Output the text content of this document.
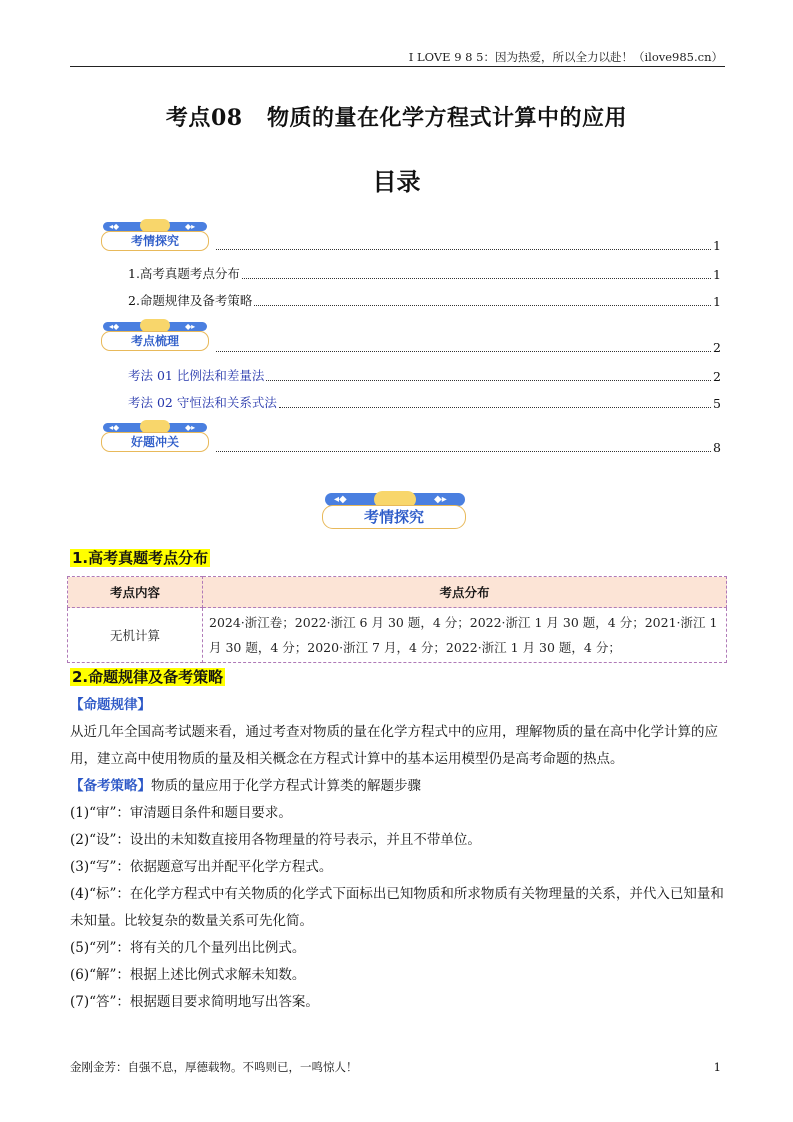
I LOVE 9 8 5：因为热爱，所以全力以赴！（ilove985.cn）
考点08 物质的量在化学方程式计算中的应用
目录
◂◆	◆▸
考情探究	1
1.高考真题考点分布	1
2.命题规律及备考策略	1
◂◆	◆▸
考点梳理	2
考法 01 比例法和差量法	2
考法 02 守恒法和关系式法	5
◂◆	◆▸
好题冲关	8
◂◆	◆▸
考情探究
1.高考真题考点分布
考点内容	考点分布
无机计算	2024·浙江卷；2022·浙江 6 月 30 题，4 分；2022·浙江 1 月 30 题，4 分；2021·浙江 1 月 30 题，4 分；2020·浙江 7 月，4 分；2022·浙江 1 月 30 题，4 分；
2.命题规律及备考策略
【命题规律】
从近几年全国高考试题来看，通过考查对物质的量在化学方程式中的应用，理解物质的量在高中化学计算的应用，建立高中使用物质的量及相关概念在方程式计算中的基本运用模型仍是高考命题的热点。
【备考策略】物质的量应用于化学方程式计算类的解题步骤
(1)“审”：审清题目条件和题目要求。
(2)“设”：设出的未知数直接用各物理量的符号表示，并且不带单位。
(3)“写”：依据题意写出并配平化学方程式。
(4)“标”：在化学方程式中有关物质的化学式下面标出已知物质和所求物质有关物理量的关系，并代入已知量和未知量。比较复杂的数量关系可先化简。
(5)“列”：将有关的几个量列出比例式。
(6)“解”：根据上述比例式求解未知数。
(7)“答”：根据题目要求简明地写出答案。
金刚金芳：自强不息，厚德载物。不鸣则已，一鸣惊人！	1
